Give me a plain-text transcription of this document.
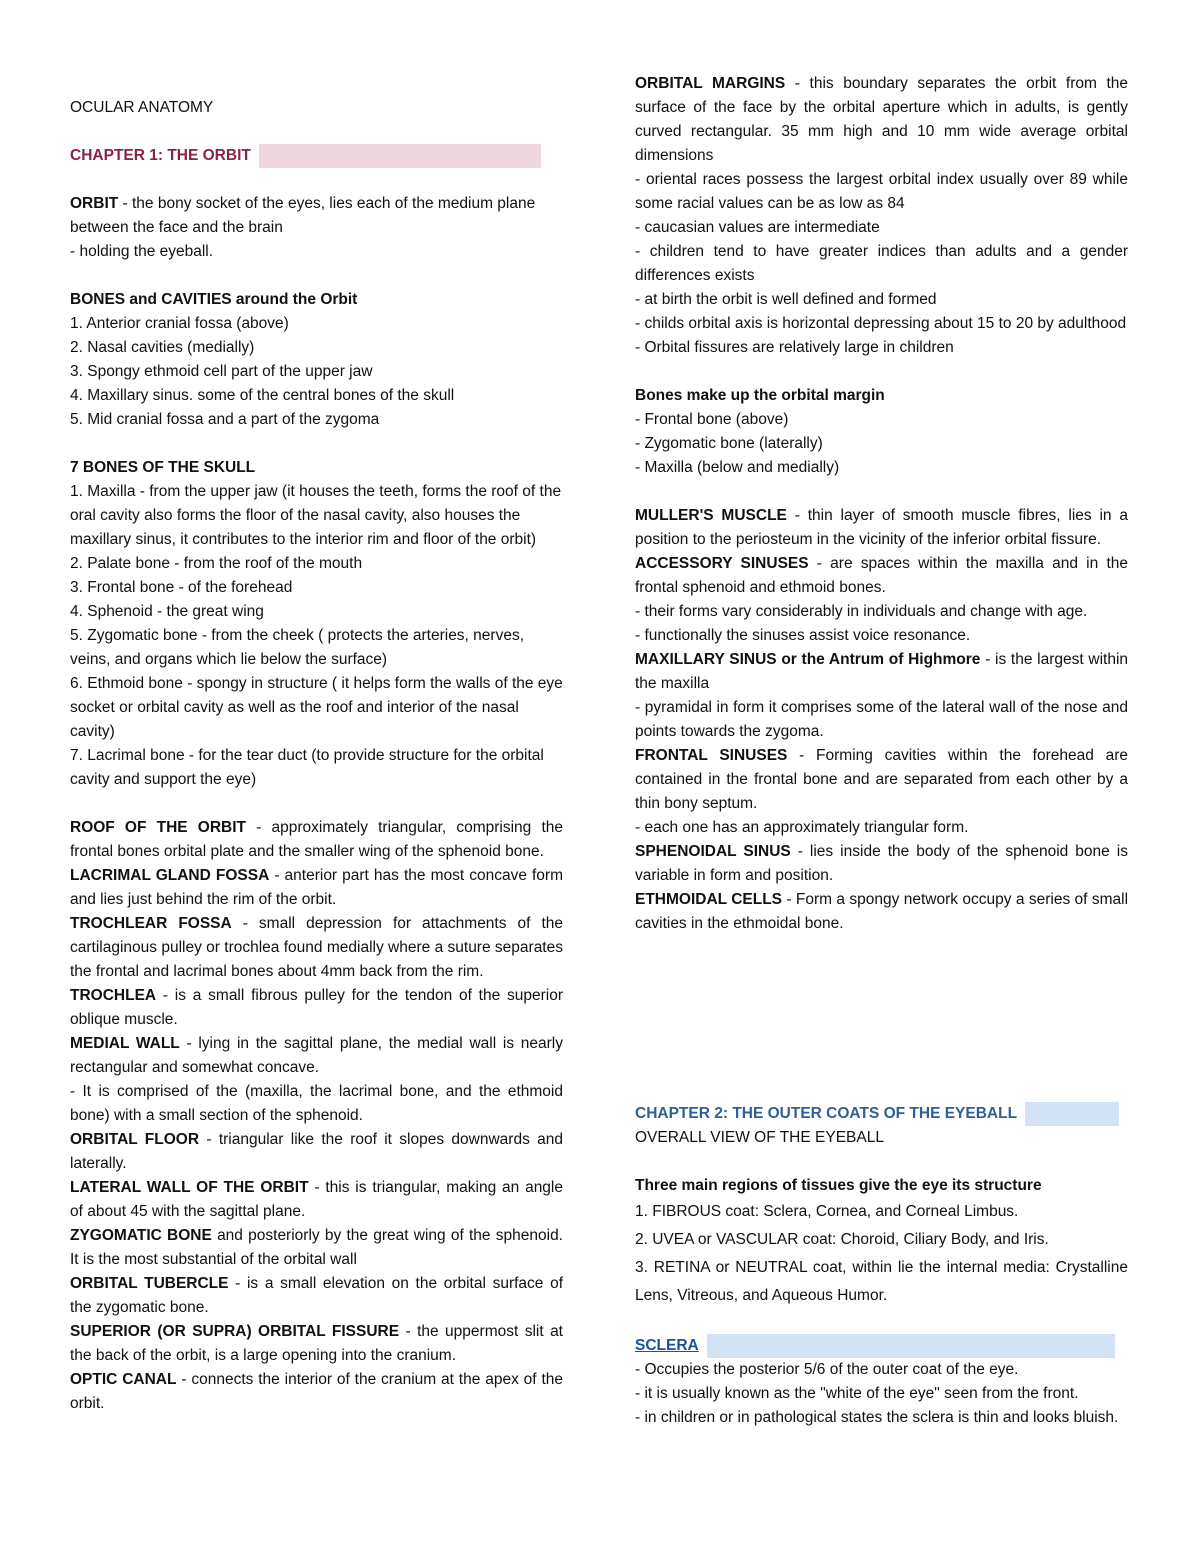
OCULAR ANATOMY

CHAPTER 1: THE ORBIT

ORBIT - the bony socket of the eyes, lies each of the medium plane between the face and the brain

- holding the eyeball.

BONES and CAVITIES around the Orbit

1. Anterior cranial fossa (above)

2. Nasal cavities (medially)

3. Spongy ethmoid cell part of the upper jaw

4. Maxillary sinus. some of the central bones of the skull

5. Mid cranial fossa and a part of the zygoma

7 BONES OF THE SKULL

1. Maxilla - from the upper jaw (it houses the teeth, forms the roof of the oral cavity also forms the floor of the nasal cavity, also houses the maxillary sinus, it contributes to the interior rim and floor of the orbit)

2. Palate bone - from the roof of the mouth

3. Frontal bone - of the forehead

4. Sphenoid - the great wing

5. Zygomatic bone - from the cheek ( protects the arteries, nerves, veins, and organs which lie below the surface)

6. Ethmoid bone - spongy in structure ( it helps form the walls of the eye socket or orbital cavity as well as the roof and interior of the nasal cavity)

7. Lacrimal bone - for the tear duct (to provide structure for the orbital cavity and support the eye)

ROOF OF THE ORBIT - approximately triangular, comprising the frontal bones orbital plate and the smaller wing of the sphenoid bone.

LACRIMAL GLAND FOSSA - anterior part has the most concave form and lies just behind the rim of the orbit.

TROCHLEAR FOSSA - small depression for attachments of the cartilaginous pulley or trochlea found medially where a suture separates the frontal and lacrimal bones about 4mm back from the rim.

TROCHLEA - is a small fibrous pulley for the tendon of the superior oblique muscle.

MEDIAL WALL - lying in the sagittal plane, the medial wall is nearly rectangular and somewhat concave.

- It is comprised of the (maxilla, the lacrimal bone, and the ethmoid bone) with a small section of the sphenoid.

ORBITAL FLOOR - triangular like the roof it slopes downwards and laterally.

LATERAL WALL OF THE ORBIT - this is triangular, making an angle of about 45 with the sagittal plane.

ZYGOMATIC BONE and posteriorly by the great wing of the sphenoid. It is the most substantial of the orbital wall

ORBITAL TUBERCLE - is a small elevation on the orbital surface of the zygomatic bone.

SUPERIOR (OR SUPRA) ORBITAL FISSURE - the uppermost slit at the back of the orbit, is a large opening into the cranium.

OPTIC CANAL - connects the interior of the cranium at the apex of the orbit.

ORBITAL MARGINS - this boundary separates the orbit from the surface of the face by the orbital aperture which in adults, is gently curved rectangular. 35 mm high and 10 mm wide average orbital dimensions

- oriental races possess the largest orbital index usually over 89 while some racial values can be as low as 84

- caucasian values are intermediate

- children tend to have greater indices than adults and a gender differences exists

- at birth the orbit is well defined and formed

- childs orbital axis is horizontal depressing about 15 to 20 by adulthood

- Orbital fissures are relatively large in children

Bones make up the orbital margin

- Frontal bone (above)

- Zygomatic bone (laterally)

- Maxilla (below and medially)

MULLER'S MUSCLE - thin layer of smooth muscle fibres, lies in a position to the periosteum in the vicinity of the inferior orbital fissure.

ACCESSORY SINUSES - are spaces within the maxilla and in the frontal sphenoid and ethmoid bones.

- their forms vary considerably in individuals and change with age.

- functionally the sinuses assist voice resonance.

MAXILLARY SINUS or the Antrum of Highmore - is the largest within the maxilla

- pyramidal in form it comprises some of the lateral wall of the nose and points towards the zygoma.

FRONTAL SINUSES - Forming cavities within the forehead are contained in the frontal bone and are separated from each other by a thin bony septum.

- each one has an approximately triangular form.

SPHENOIDAL SINUS - lies inside the body of the sphenoid bone is variable in form and position.

ETHMOIDAL CELLS - Form a spongy network occupy a series of small cavities in the ethmoidal bone.

CHAPTER 2: THE OUTER COATS OF THE EYEBALL

OVERALL VIEW OF THE EYEBALL

Three main regions of tissues give the eye its structure

1. FIBROUS coat: Sclera, Cornea, and Corneal Limbus.

2. UVEA or VASCULAR coat: Choroid, Ciliary Body, and Iris.

3. RETINA or NEUTRAL coat, within lie the internal media: Crystalline Lens, Vitreous, and Aqueous Humor.

SCLERA

- Occupies the posterior 5/6 of the outer coat of the eye.

- it is usually known as the "white of the eye" seen from the front.

- in children or in pathological states the sclera is thin and looks bluish.
